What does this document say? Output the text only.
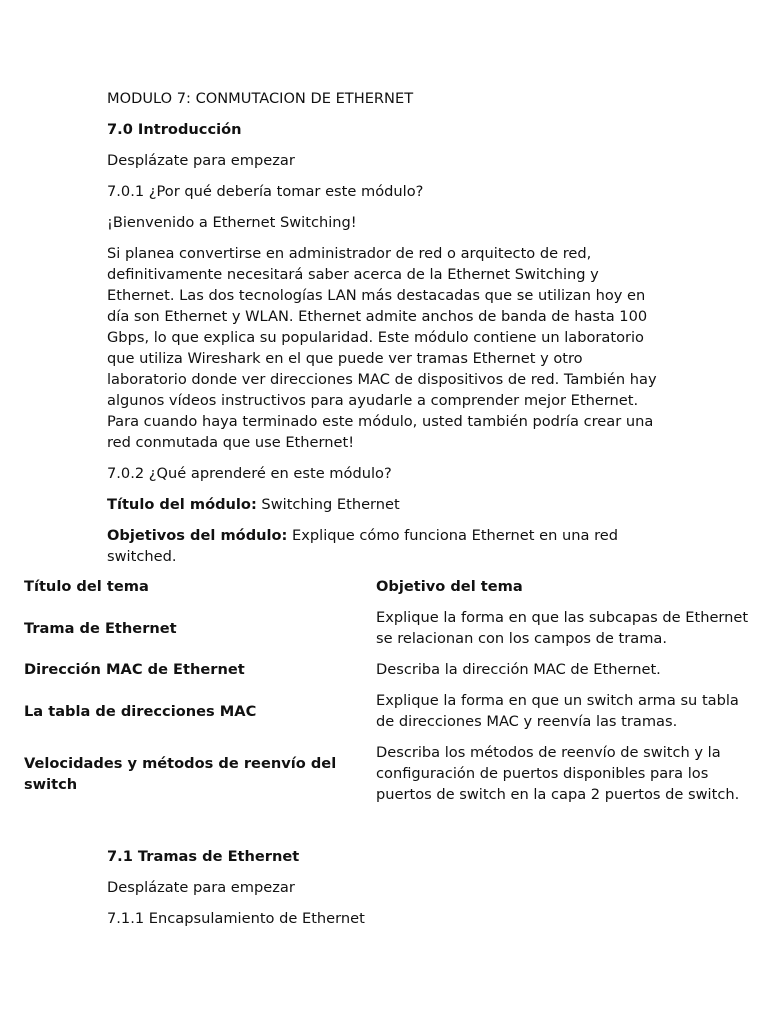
MODULO 7: CONMUTACION DE ETHERNET

7.0 Introducción

Desplázate para empezar

7.0.1 ¿Por qué debería tomar este módulo?

¡Bienvenido a Ethernet Switching!

Si planea convertirse en administrador de red o arquitecto de red, definitivamente necesitará saber acerca de la Ethernet Switching y Ethernet. Las dos tecnologías LAN más destacadas que se utilizan hoy en día son Ethernet y WLAN. Ethernet admite anchos de banda de hasta 100 Gbps, lo que explica su popularidad. Este módulo contiene un laboratorio que utiliza Wireshark en el que puede ver tramas Ethernet y otro laboratorio donde ver direcciones MAC de dispositivos de red. También hay algunos vídeos instructivos para ayudarle a comprender mejor Ethernet. Para cuando haya terminado este módulo, usted también podría crear una red conmutada que use Ethernet!

7.0.2 ¿Qué aprenderé en este módulo?

Título del módulo: Switching Ethernet

Objetivos del módulo: Explique cómo funciona Ethernet en una red switched.

Título del tema	Objetivo del tema
Trama de Ethernet
Explique la forma en que las subcapas de Ethernet se relacionan con los campos de trama.
Dirección MAC de Ethernet	Describa la dirección MAC de Ethernet.
La tabla de direcciones MAC
Explique la forma en que un switch arma su tabla de direcciones MAC y reenvía las tramas.
Velocidades y métodos de reenvío del switch
Describa los métodos de reenvío de switch y la configuración de puertos disponibles para los puertos de switch en la capa 2 puertos de switch.

7.1 Tramas de Ethernet

Desplázate para empezar

7.1.1 Encapsulamiento de Ethernet
